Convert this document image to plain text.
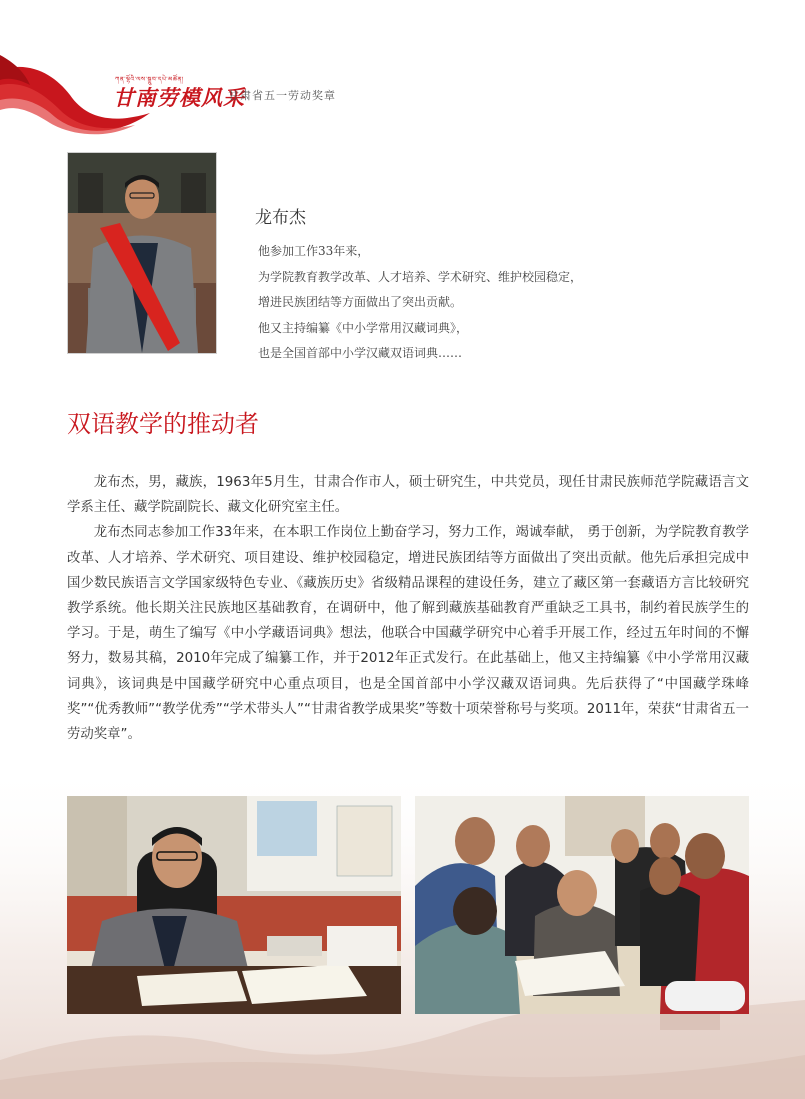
ཀན་ལྷོའི་ལས་སྒྲུབ་དཔེ་མཚོན།
甘南劳模风采
甘肃省五一劳动奖章
龙布杰
他参加工作33年来，
为学院教育教学改革、人才培养、学术研究、维护校园稳定，
增进民族团结等方面做出了突出贡献。
他又主持编纂《中小学常用汉藏词典》，
也是全国首部中小学汉藏双语词典……
双语教学的推动者

龙布杰，男，藏族，1963年5月生，甘肃合作市人，硕士研究生，中共党员，现任甘肃民族师范学院藏语言文学系主任、藏学院副院长、藏文化研究室主任。

龙布杰同志参加工作33年来，在本职工作岗位上勤奋学习，努力工作，竭诚奉献， 勇于创新，为学院教育教学改革、人才培养、学术研究、项目建设、维护校园稳定，增进民族团结等方面做出了突出贡献。他先后承担完成中国少数民族语言文学国家级特色专业、《藏族历史》省级精品课程的建设任务，建立了藏区第一套藏语方言比较研究教学系统。他长期关注民族地区基础教育，在调研中，他了解到藏族基础教育严重缺乏工具书，制约着民族学生的学习。于是，萌生了编写《中小学藏语词典》想法，他联合中国藏学研究中心着手开展工作，经过五年时间的不懈努力，数易其稿，2010年完成了编纂工作，并于2012年正式发行。在此基础上，他又主持编纂《中小学常用汉藏词典》，该词典是中国藏学研究中心重点项目，也是全国首部中小学汉藏双语词典。先后获得了“中国藏学珠峰奖”“优秀教师”“教学优秀”“学术带头人”“甘肃省教学成果奖”等数十项荣誉称号与奖项。2011年，荣获“甘肃省五一劳动奖章”。
